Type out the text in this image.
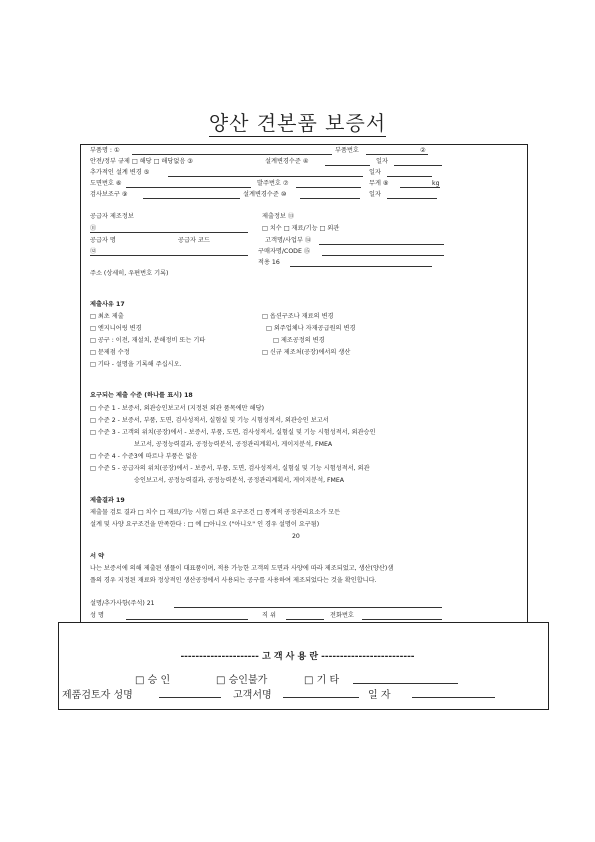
양산 견본품 보증서
부품명 : ①	부품번호	②
안전/정부 규제 □ 해당 □ 해당없음 ③	설계변경수준 ④	일자
추가적인 설계 변경 ⑤	일자
도면번호 ⑥	발주번호 ⑦	무게 ⑧	kg
검사보조구 ⑨	설계변경수준 ⑩	일자
공급자 제조정보	제출정보 ⑬
⑪	□ 치수 □ 재료/기능 □ 외관
공급자 명	공급자 코드	고객명/사업부 ⑭
⑫	구매자명/CODE ⑮
적용 16
주소 (상세히, 우편번호 기록)
제출사유 17
□ 최초 제출	□ 옵션구조나 재료의 변경
□ 엔지니어링 변경	□ 외주업체나 자재공급원의 변경
□ 공구 : 이전, 재설치, 분해정비 또는 기타	□ 제조공정의 변경
□ 문제점 수정	□ 신규 제조처(공장)에서의 생산
□ 기타 - 설명을 기록해 주십시오.
요구되는 제출 수준 (하나를 표시) 18
□ 수준 1 - 보증서, 외관승인보고서 (지정된 외관 품목에만 해당)
□ 수준 2 - 보증서, 부품, 도면, 검사성적서, 실험실 및 기능 시험성적서, 외관승인 보고서
□ 수준 3 - 고객의 위치(공장)에서 - 보증서, 부품, 도면, 검사성적서, 실험실 및 기능 시험성적서, 외관승인
보고서, 공정능력결과, 공정능력분석, 공정관리계획서, 게이지분석, FMEA
□ 수준 4 - 수준3에 따르나 부품은 없음
□ 수준 5 - 공급자의 위치(공장)에서 - 보증서, 부품, 도면, 검사성적서, 실험실 및 기능 시험성적서, 외관
승인보고서, 공정능력결과, 공정능력분석, 공정관리계획서, 게이지분석, FMEA
제출결과 19
제출물 검토 결과 □ 치수 □ 재료/기능 시험 □ 외관 요구조건 □ 통계적 공정관리요소가 모든
설계 및 사양 요구조건을 만족한다 : □ 예 □아니오 ("아니오" 인 경우 설명이 요구됨)
20
서 약
나는 보증서에 의해 제출된 샘플이 대표품이며, 적용 가능한 고객의 도면과 사양에 따라 제조되었고, 생산(양산)샘
플의 경우 지정된 재료와 정상적인 생산공정에서 사용되는 공구를 사용하여 제조되었다는 것을 확인합니다.
설명/추가사항(주석) 21
성 명	직 위	전화번호
--------------------- 고 객 사 용 란 -------------------------
□ 승 인	□ 승인불가	□ 기 타
제품검토자 성명	고객서명	일 자
